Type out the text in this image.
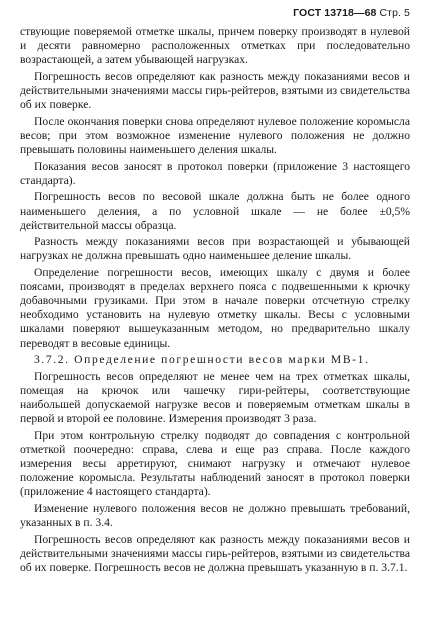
ГОСТ 13718—68 Стр. 5

ствующие поверяемой отметке шкалы, причем поверку производят в нулевой и десяти равномерно расположенных отметках при последовательно возрастающей, а затем убывающей нагрузках.

Погрешность весов определяют как разность между показаниями весов и действительными значениями массы гирь-рейтеров, взятыми из свидетельства об их поверке.

После окончания поверки снова определяют нулевое положение коромысла весов; при этом возможное изменение нулевого положения не должно превышать половины наименьшего деления шкалы.

Показания весов заносят в протокол поверки (приложение 3 настоящего стандарта).

Погрешность весов по весовой шкале должна быть не более одного наименьшего деления, а по условной шкале — не более ±0,5% действительной массы образца.

Разность между показаниями весов при возрастающей и убывающей нагрузках не должна превышать одно наименьшее деление шкалы.

Определение погрешности весов, имеющих шкалу с двумя и более поясами, производят в пределах верхнего пояса с подвешенными к крючку добавочными грузиками. При этом в начале поверки отсчетную стрелку необходимо установить на нулевую отметку шкалы. Весы с условными шкалами поверяют вышеуказанным методом, но предварительно шкалу переводят в весовые единицы.

3.7.2. Определение погрешности весов марки МВ-1.

Погрешность весов определяют не менее чем на трех отметках шкалы, помещая на крючок или чашечку гири-рейтеры, соответствующие наибольшей допускаемой нагрузке весов и поверяемым отметкам шкалы в первой и второй ее половине. Измерения производят 3 раза.

При этом контрольную стрелку подводят до совпадения с контрольной отметкой поочередно: справа, слева и еще раз справа. После каждого измерения весы арретируют, снимают нагрузку и отмечают нулевое положение коромысла. Результаты наблюдений заносят в протокол поверки (приложение 4 настоящего стандарта).

Изменение нулевого положения весов не должно превышать требований, указанных в п. 3.4.

Погрешность весов определяют как разность между показаниями весов и действительными значениями массы гирь-рейтеров, взятыми из свидетельства об их поверке. Погрешность весов не должна превышать указанную в п. 3.7.1.
